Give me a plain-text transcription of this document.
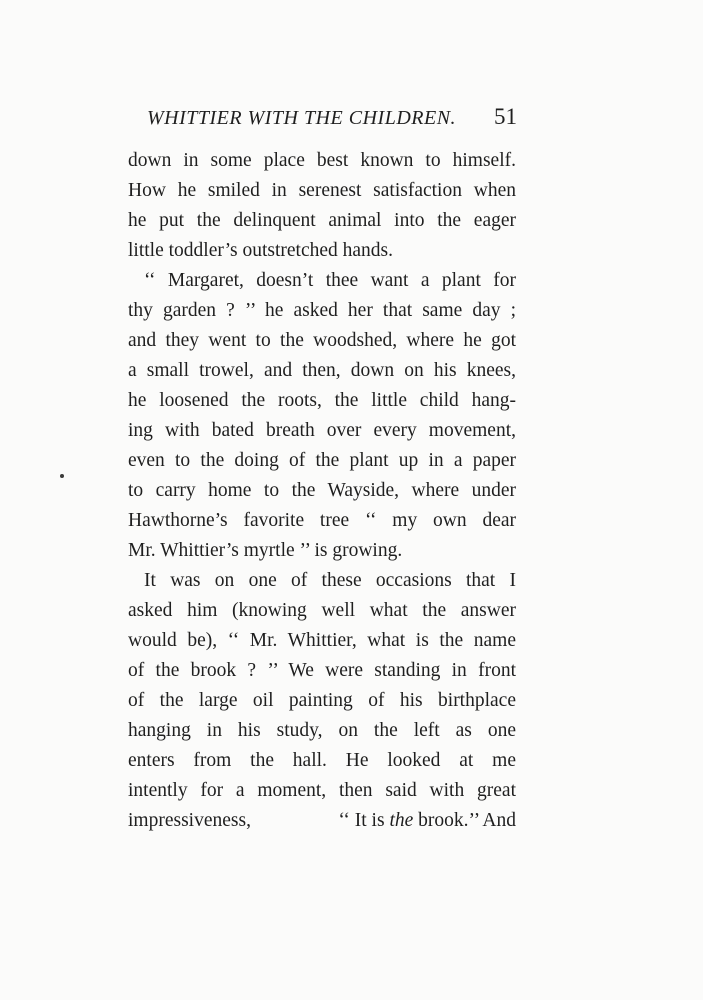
WHITTIER WITH THE CHILDREN. 51
down in some place best known to himself.
How he smiled in serenest satisfaction when
he put the delinquent animal into the eager
little toddler’s outstretched hands.
‘‘ Margaret, doesn’t thee want a plant for
thy garden ? ’’ he asked her that same day ;
and they went to the woodshed, where he got
a small trowel, and then, down on his knees,
he loosened the roots, the little child hang-
ing with bated breath over every movement,
even to the doing of the plant up in a paper
to carry home to the Wayside, where under
Hawthorne’s favorite tree ‘‘ my own dear
Mr. Whittier’s myrtle ’’ is growing.
It was on one of these occasions that I
asked him (knowing well what the answer
would be), ‘‘ Mr. Whittier, what is the name
of the brook ? ’’ We were standing in front
of the large oil painting of his birthplace
hanging in his study, on the left as one
enters from the hall. He looked at me
intently for a moment, then said with great
impressiveness,	‘‘ It is the brook.’’ And
